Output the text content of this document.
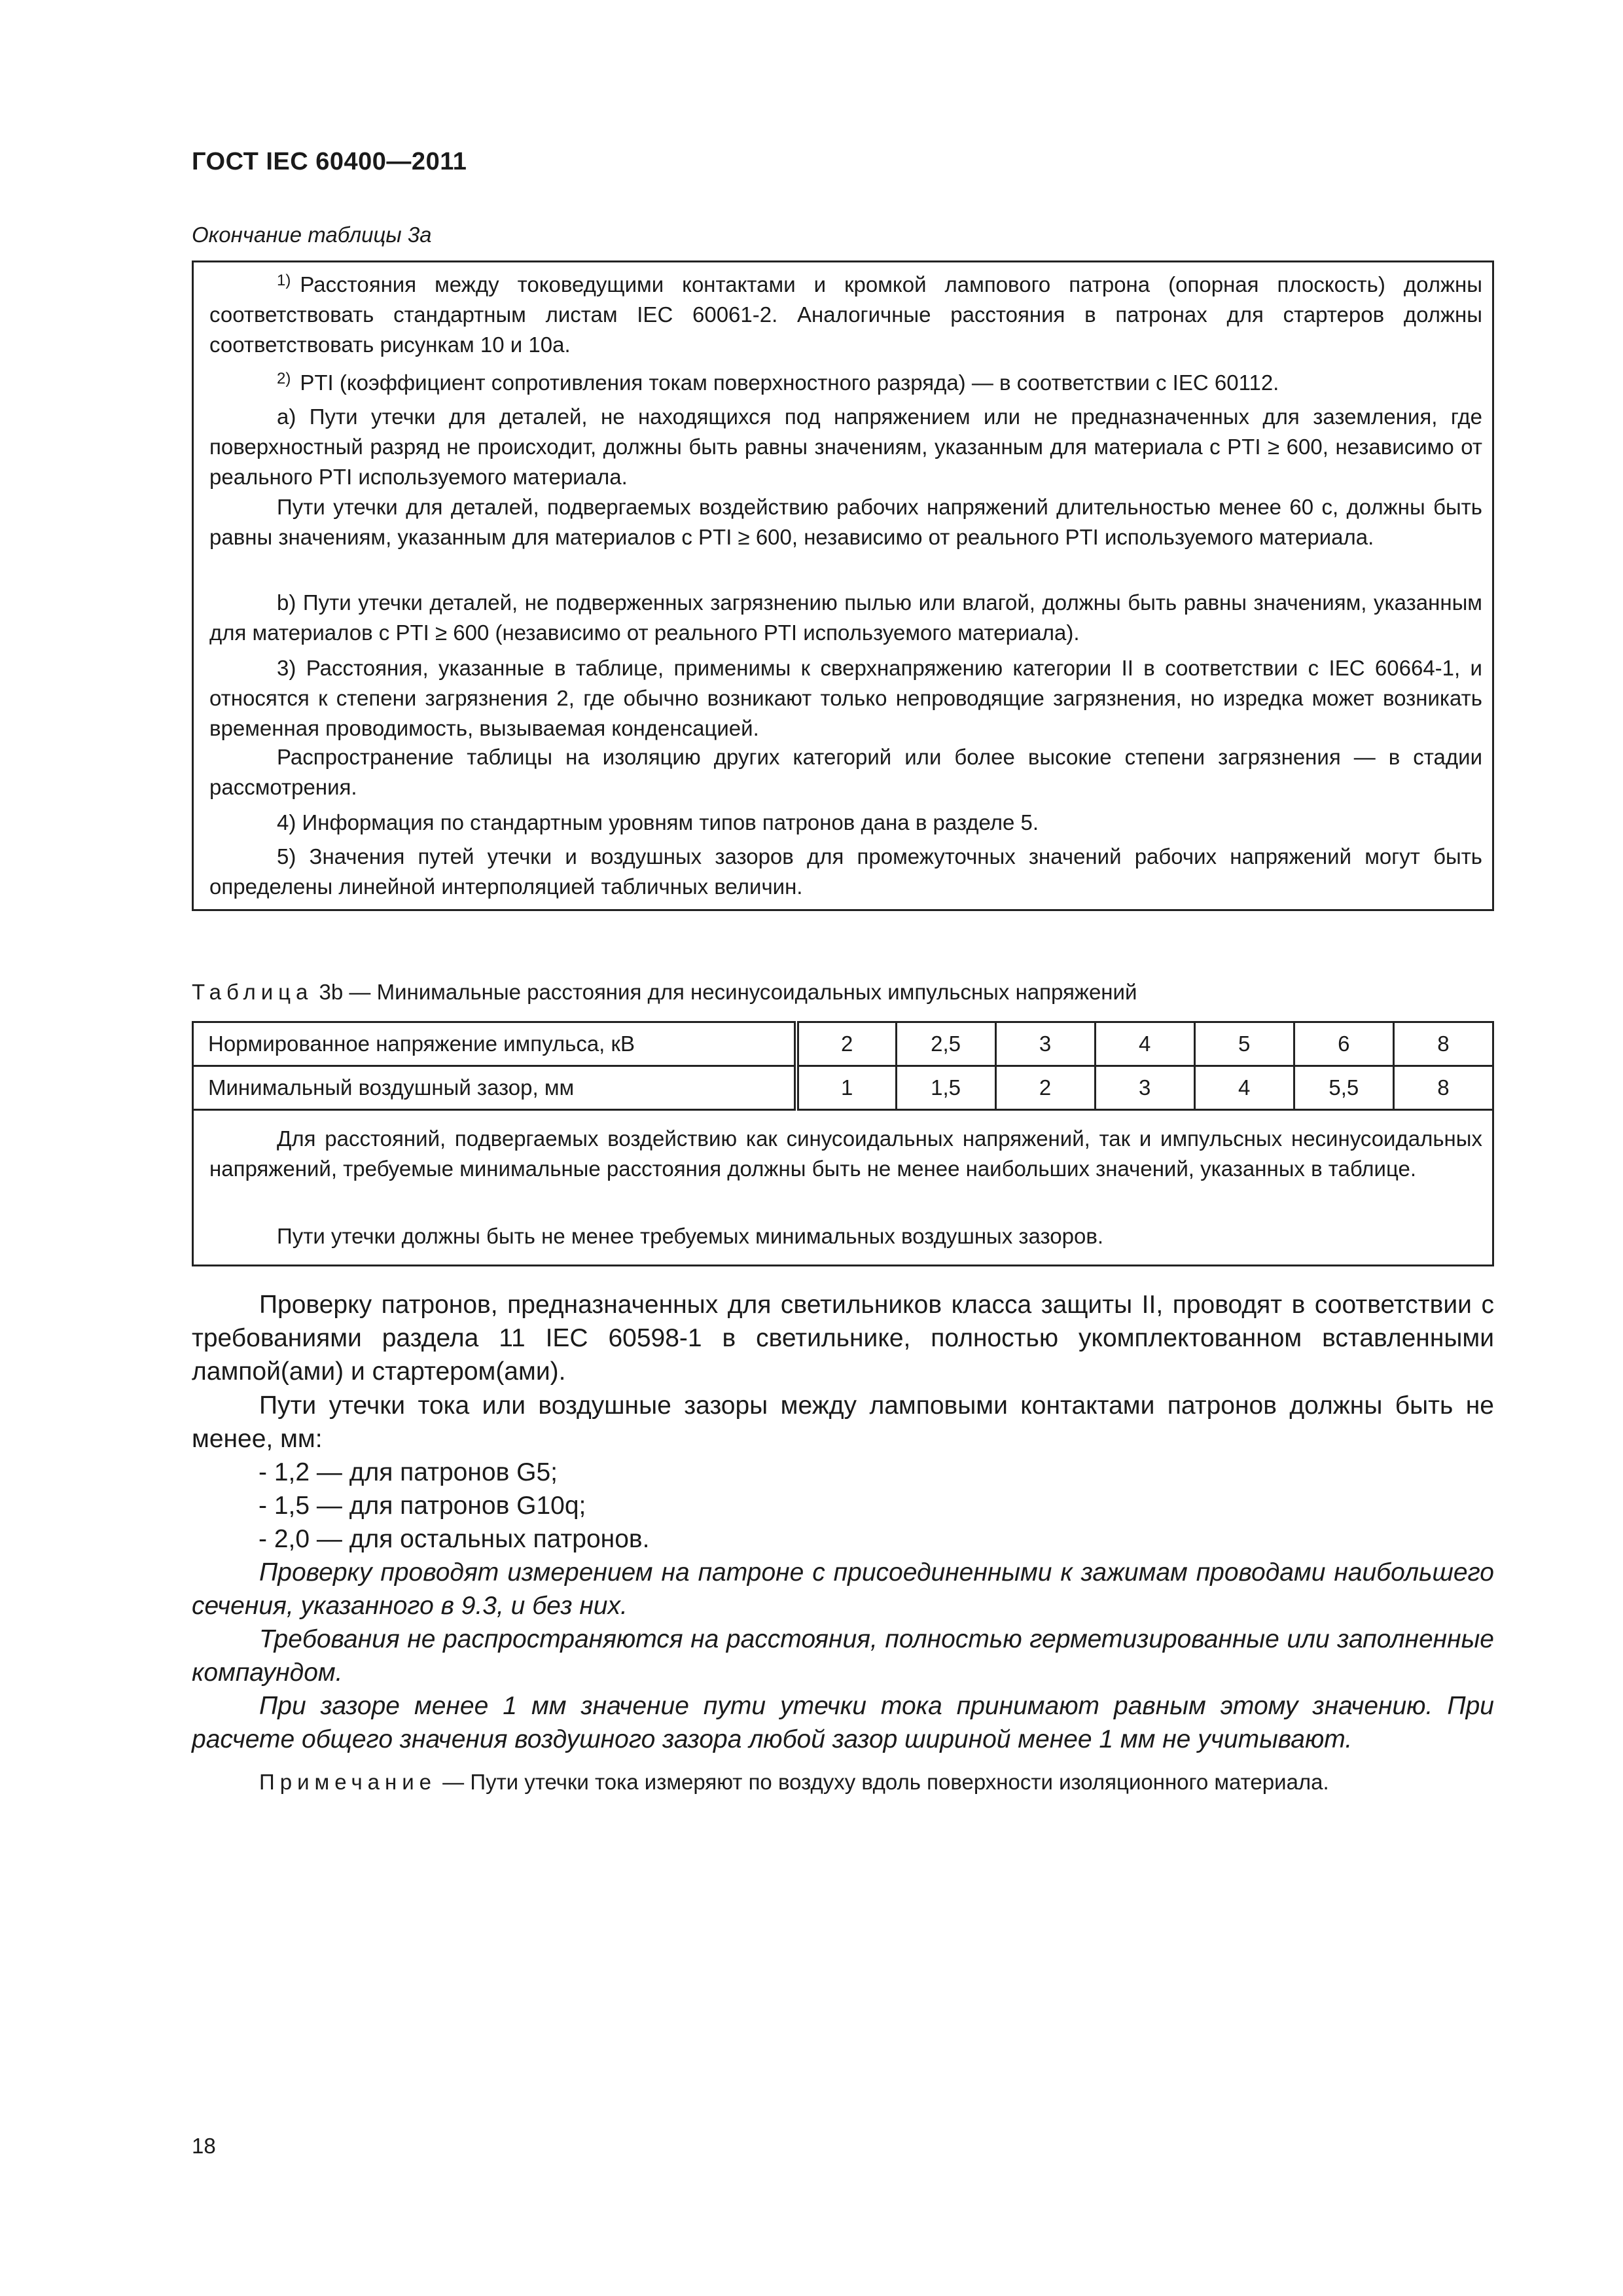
ГОСТ IEC 60400—2011
Окончание таблицы 3а

$^{1)}$ Расстояния между токоведущими контактами и кромкой лампового патрона (опорная плоскость) должны соответствовать стандартным листам IEC 60061-2. Аналогичные расстояния в патронах для стартеров должны соответствовать рисункам 10 и 10а.

$^{2)}$ PTI (коэффициент сопротивления токам поверхностного разряда) — в соответствии с IEC 60112.

a) Пути утечки для деталей, не находящихся под напряжением или не предназначенных для заземления, где поверхностный разряд не происходит, должны быть равны значениям, указанным для материала с PTI ≥ 600, независимо от реального PTI используемого материала.

Пути утечки для деталей, подвергаемых воздействию рабочих напряжений длительностью менее 60 с, должны быть равны значениям, указанным для материалов с PTI ≥ 600, независимо от реального PTI используемого материала.

b) Пути утечки деталей, не подверженных загрязнению пылью или влагой, должны быть равны значениям, указанным для материалов с PTI ≥ 600 (независимо от реального PTI используемого материала).

3) Расстояния, указанные в таблице, применимы к сверхнапряжению категории II в соответствии с IEC 60664-1, и относятся к степени загрязнения 2, где обычно возникают только непроводящие загрязнения, но изредка может возникать временная проводимость, вызываемая конденсацией.

Распространение таблицы на изоляцию других категорий или более высокие степени загрязнения — в стадии рассмотрения.

4) Информация по стандартным уровням типов патронов дана в разделе 5.

5) Значения путей утечки и воздушных зазоров для промежуточных значений рабочих напряжений могут быть определены линейной интерполяцией табличных величин.

Таблица 3b — Минимальные расстояния для несинусоидальных импульсных напряжений
Нормированное напряжение импульса, кВ	2	2,5	3	4	5	6	8
Минимальный воздушный зазор, мм	1	1,5	2	3	4	5,5	8

Для расстояний, подвергаемых воздействию как синусоидальных напряжений, так и импульсных несинусоидальных напряжений, требуемые минимальные расстояния должны быть не менее наибольших значений, указанных в таблице.

Пути утечки должны быть не менее требуемых минимальных воздушных зазоров.

Проверку патронов, предназначенных для светильников класса защиты II, проводят в соответствии с требованиями раздела 11 IEC 60598-1 в светильнике, полностью укомплектованном вставленными лампой(ами) и стартером(ами).

Пути утечки тока или воздушные зазоры между ламповыми контактами патронов должны быть не менее, мм:

- 1,2 — для патронов G5;

- 1,5 — для патронов G10q;

- 2,0 — для остальных патронов.

Проверку проводят измерением на патроне с присоединенными к зажимам проводами наибольшего сечения, указанного в 9.3, и без них.

Требования не распространяются на расстояния, полностью герметизированные или заполненные компаундом.

При зазоре менее 1 мм значение пути утечки тока принимают равным этому значению. При расчете общего значения воздушного зазора любой зазор шириной менее 1 мм не учитывают.

Примечание — Пути утечки тока измеряют по воздуху вдоль поверхности изоляционного материала.
18
